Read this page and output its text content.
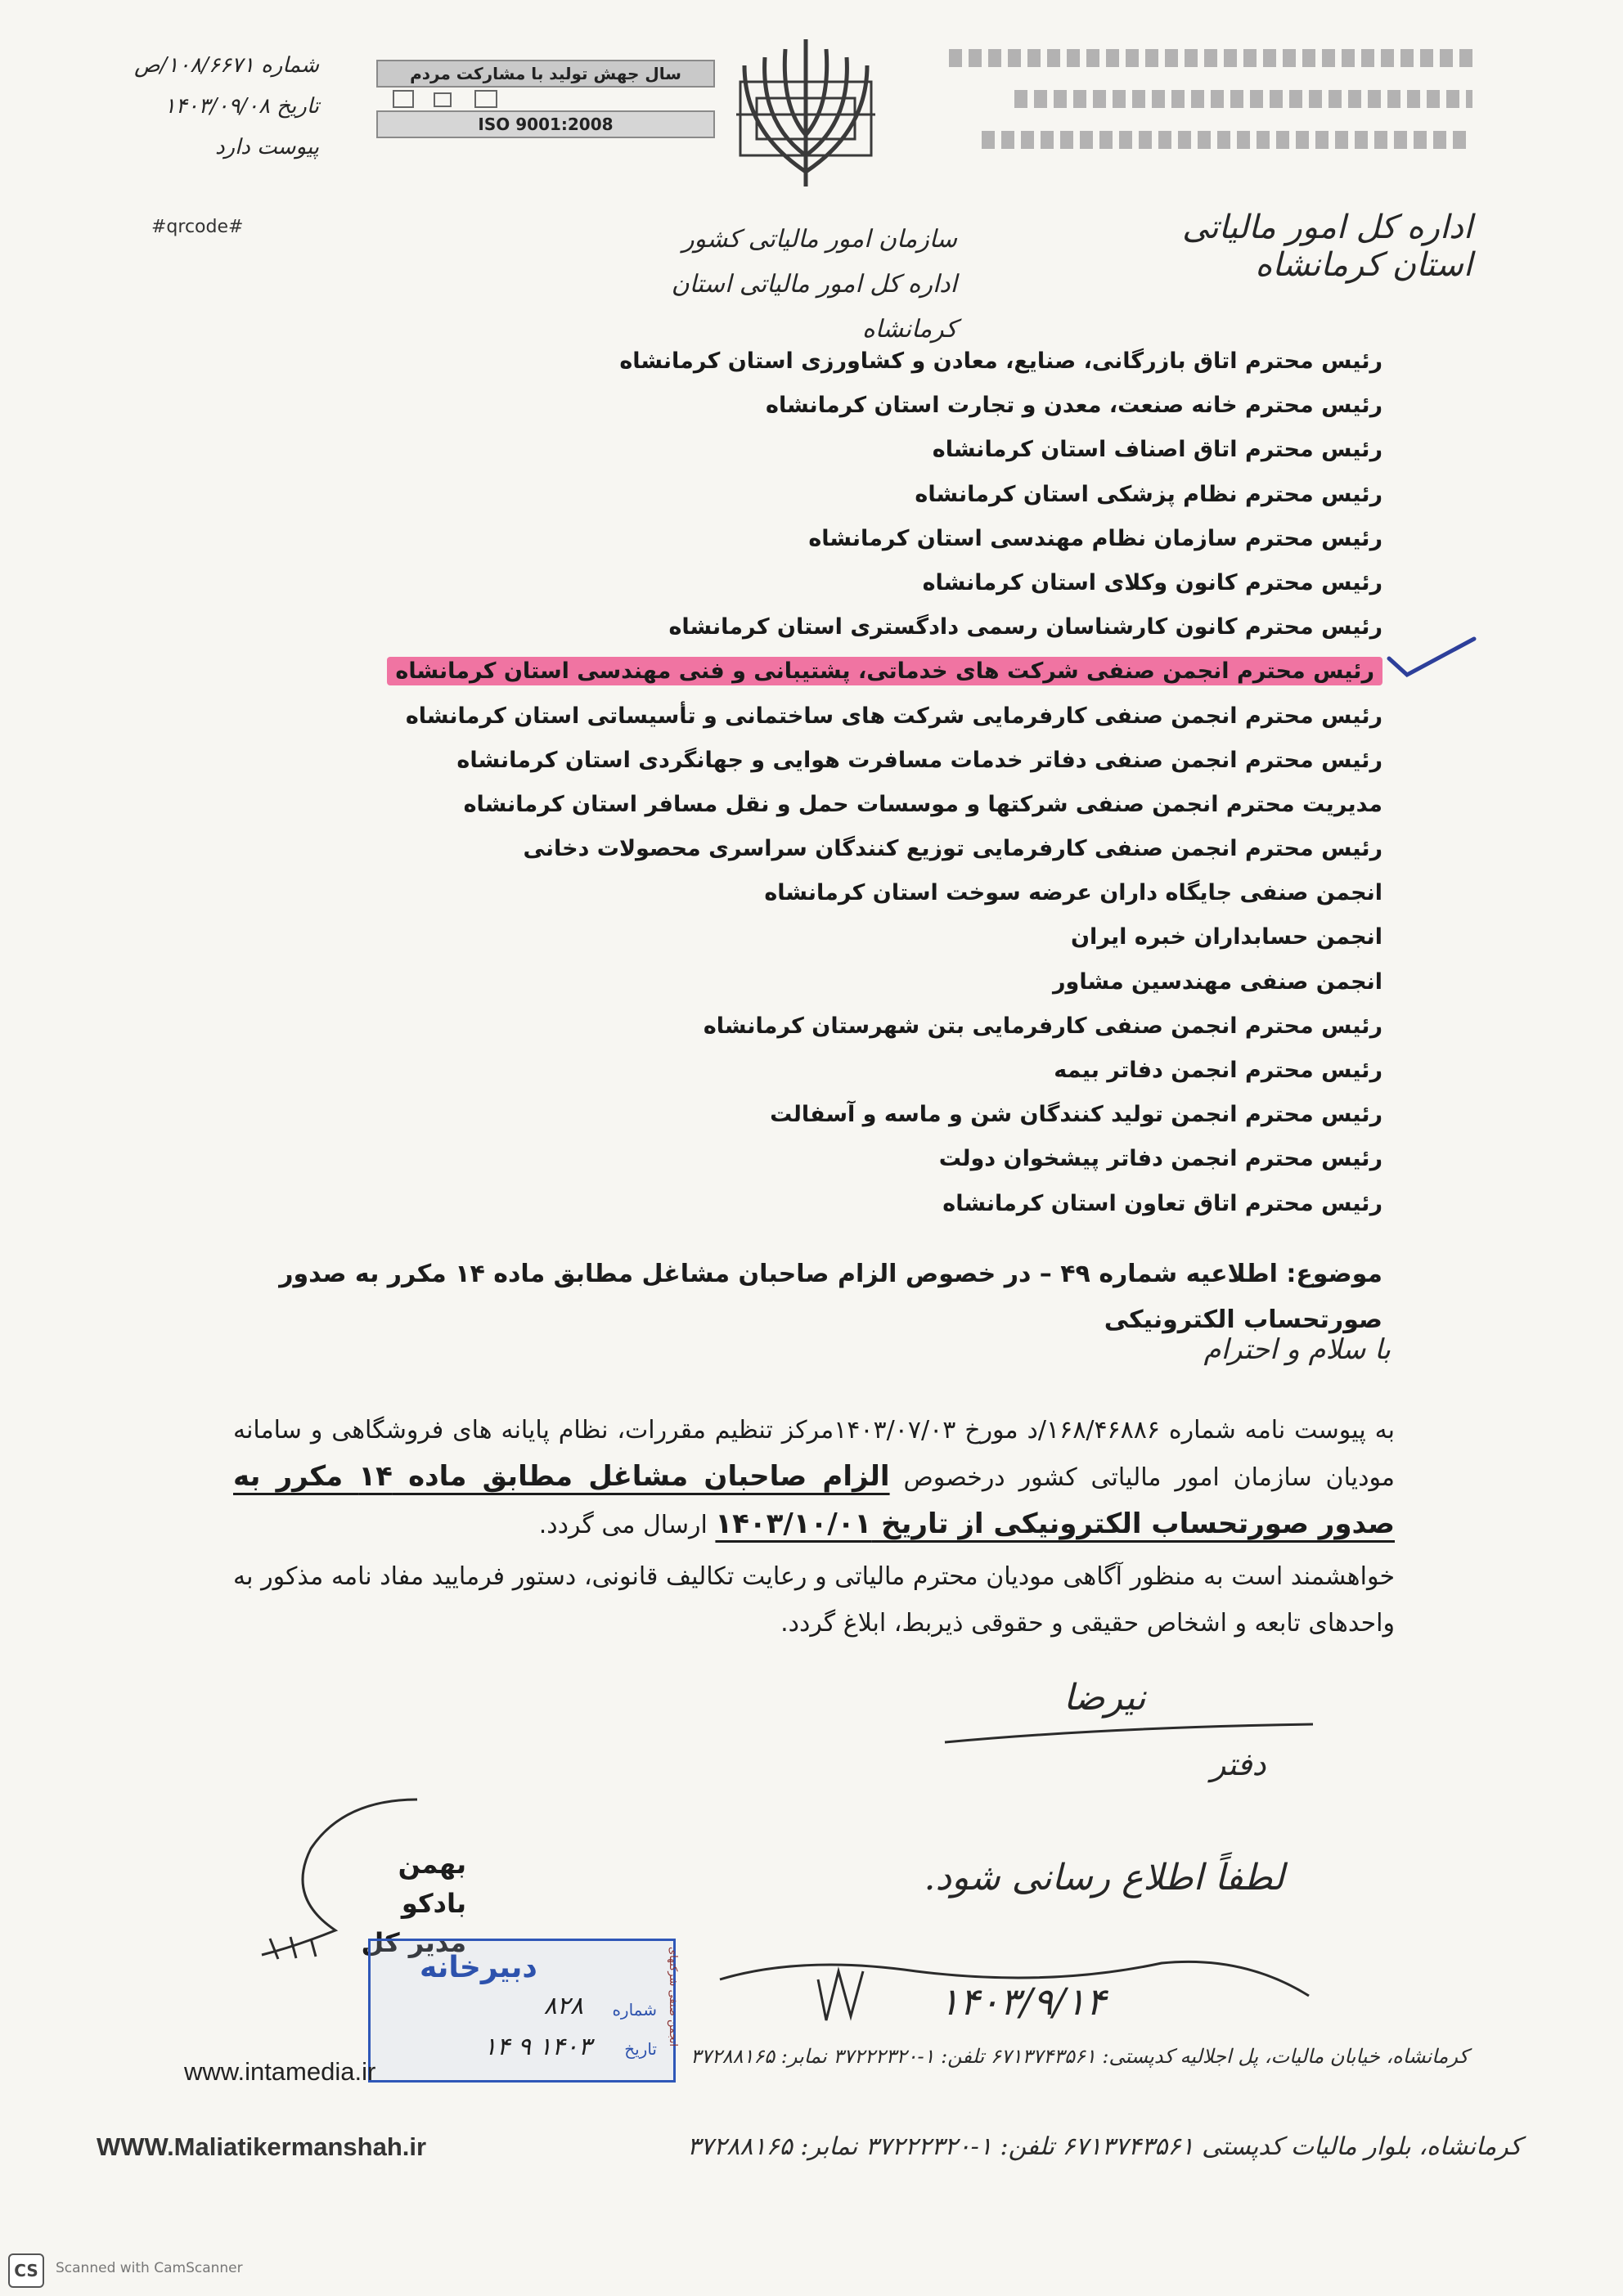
شماره ۱۰۸/۶۶۷۱/ص
تاریخ ۱۴۰۳/۰۹/۰۸
پیوست دارد
#qrcode#
سال جهش تولید با مشارکت مردم
ISO 9001:2008
اداره کل امور مالیاتی استان کرمانشاه
سازمان امور مالیاتی کشور
اداره کل امور مالیاتی استان کرمانشاه
رئیس محترم اتاق بازرگانی، صنایع، معادن و کشاورزی استان کرمانشاه
رئیس محترم خانه صنعت، معدن و تجارت استان کرمانشاه
رئیس محترم اتاق اصناف استان کرمانشاه
رئیس محترم نظام پزشکی استان کرمانشاه
رئیس محترم سازمان نظام مهندسی استان کرمانشاه
رئیس محترم کانون وکلای استان کرمانشاه
رئیس محترم کانون کارشناسان رسمی دادگستری استان کرمانشاه
رئیس محترم انجمن صنفی شرکت های خدماتی، پشتیبانی و فنی مهندسی استان کرمانشاه
رئیس محترم انجمن صنفی کارفرمایی شرکت های ساختمانی و تأسیساتی استان کرمانشاه
رئیس محترم انجمن صنفی دفاتر خدمات مسافرت هوایی و جهانگردی استان کرمانشاه
مدیریت محترم انجمن صنفی شرکتها و موسسات حمل و نقل مسافر استان کرمانشاه
رئیس محترم انجمن صنفی کارفرمایی توزیع کنندگان سراسری محصولات دخانی
انجمن صنفی جایگاه داران عرضه سوخت استان کرمانشاه
انجمن حسابداران خبره ایران
انجمن صنفی مهندسین مشاور
رئیس محترم انجمن صنفی کارفرمایی بتن شهرستان کرمانشاه
رئیس محترم انجمن دفاتر بیمه
رئیس محترم انجمن تولید کنندگان شن و ماسه و آسفالت
رئیس محترم انجمن دفاتر پیشخوان دولت
رئیس محترم اتاق تعاون استان کرمانشاه
موضوع: اطلاعیه شماره ۴۹ – در خصوص الزام صاحبان مشاغل مطابق ماده ۱۴ مکرر به صدور صورتحساب الکترونیکی
با سلام و احترام

به پیوست نامه شماره ۱۶۸/۴۶۸۸۶/د مورخ ۱۴۰۳/۰۷/۰۳مرکز تنظیم مقررات، نظام پایانه های فروشگاهی و سامانه مودیان سازمان امور مالیاتی کشور درخصوص الزام صاحبان مشاغل مطابق ماده ۱۴ مکرر به صدور صورتحساب الکترونیکی از تاریخ ۱۴۰۳/۱۰/۰۱ ارسال می گردد.

خواهشمند است به منظور آگاهی مودیان محترم مالیاتی و رعایت تکالیف قانونی، دستور فرمایید مفاد نامه مذکور به واحدهای تابعه و اشخاص حقیقی و حقوقی ذیربط، ابلاغ گردد.

نیرضا
دفتر
لطفاً اطلاع رسانی شود.
۱۴۰۳/۹/۱۴
بهمن بادکو
مدیر کل
دبیرخانه
شماره
۸۲۸
تاریخ
۱۴۰۳ ۹ ۱۴
انجمن صنفی شرکتهای
کرمانشاه، خیابان مالیات، پل اجلالیه کدپستی: ۶۷۱۳۷۴۳۵۶۱ تلفن: ۱-۳۷۲۲۲۳۲۰ نمابر: ۳۷۲۸۸۱۶۵
www.intamedia.ir
WWW.Maliatikermanshah.ir	کرمانشاه، بلوار مالیات کدپستی ۶۷۱۳۷۴۳۵۶۱ تلفن: ۱-۳۷۲۲۲۳۲۰ نمابر: ۳۷۲۸۸۱۶۵
CS	Scanned with CamScanner
